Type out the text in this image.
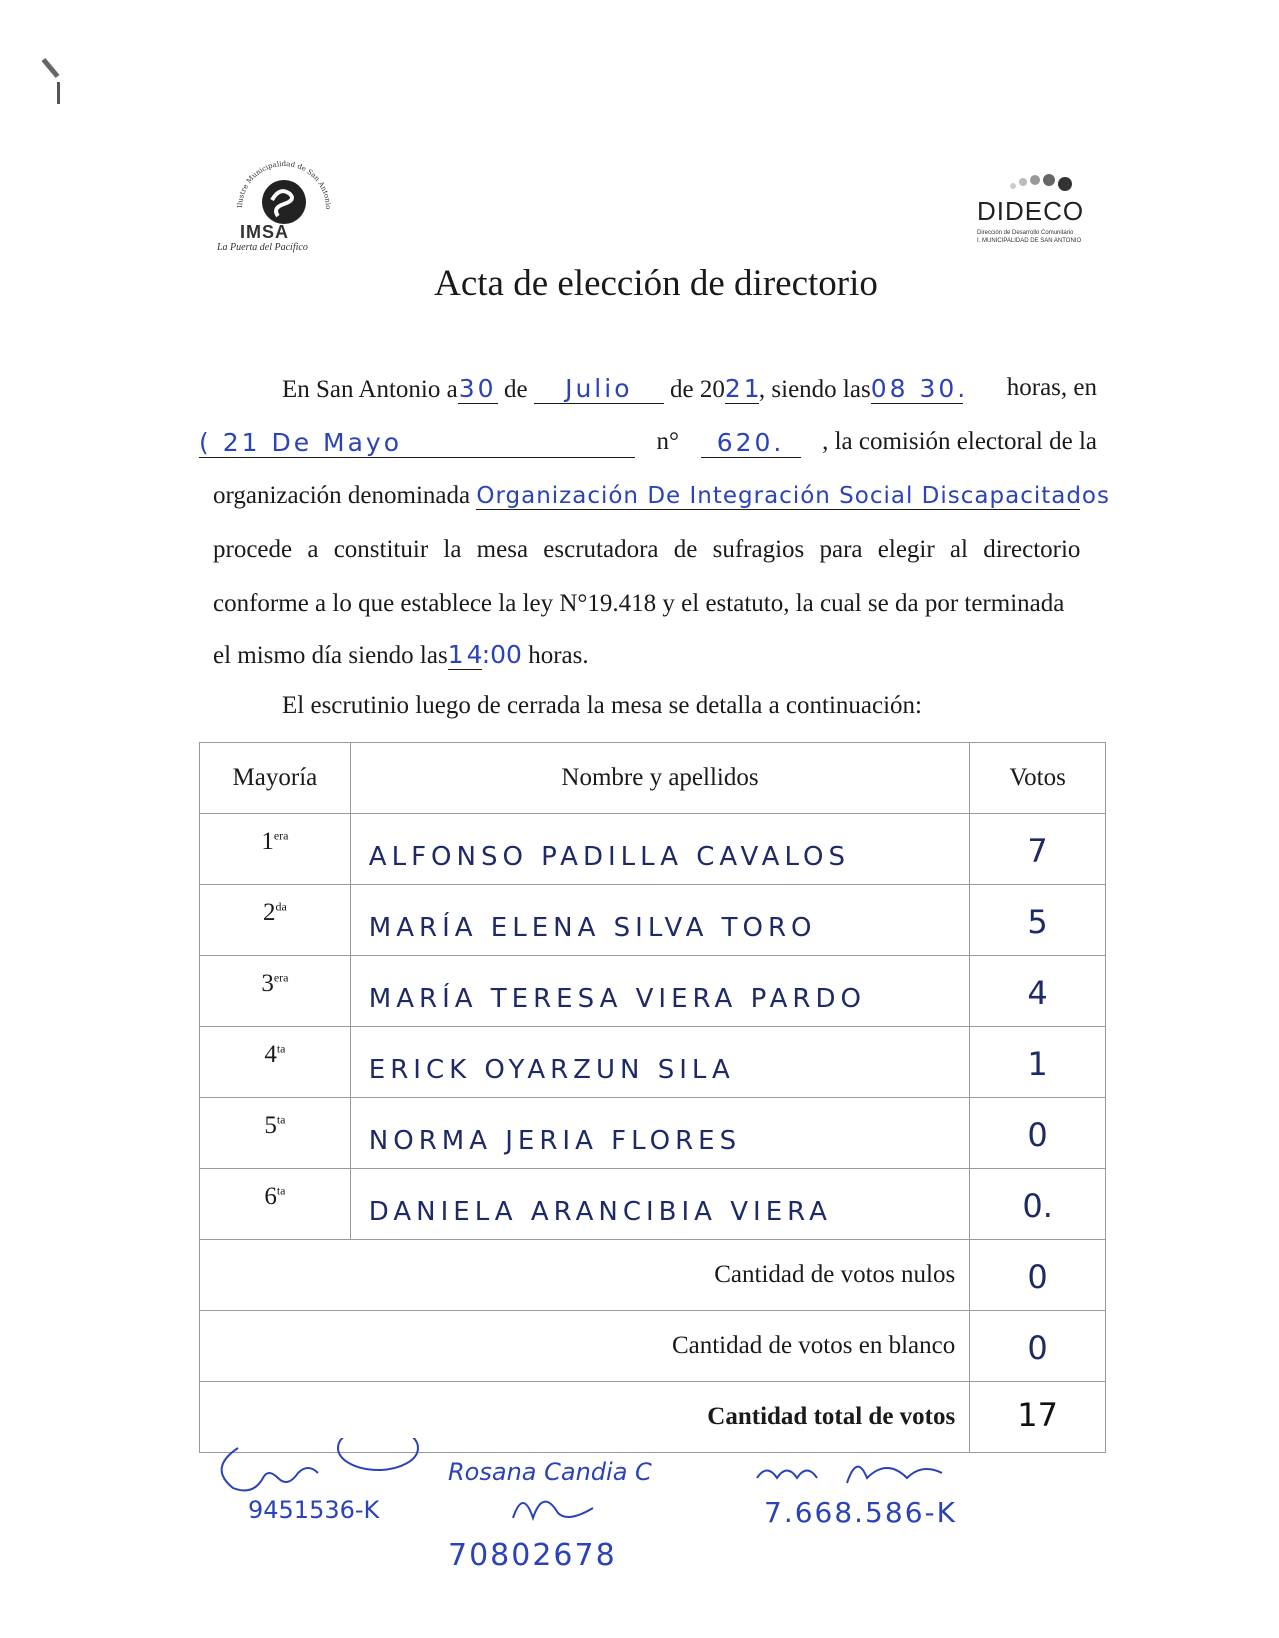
Ilustre Municipalidad de San Antonio
IMSA
La Puerta del Pacífico
DIDECO
Dirección de Desarrollo Comunitario
I. MUNICIPALIDAD DE SAN ANTONIO
Acta de elección de directorio
En San Antonio a30 de Julio de 2021, siendo las08 30. horas, en
( 21 De Mayo	n°	620.	, la comisión electoral de la
organización denominada Organización De Integración Social Discapacitados
procede a constituir la mesa escrutadora de sufragios para elegir al directorio
conforme a lo que establece la ley N°19.418 y el estatuto, la cual se da por terminada
el mismo día siendo las14:00 horas.
El escrutinio luego de cerrada la mesa se detalla a continuación:
Mayoría	Nombre y apellidos	Votos

$1^{era}$	ALFONSO PADILLA CAVALOS	7

$2^{da}$	MARÍA ELENA SILVA TORO	5

$3^{era}$	MARÍA TERESA VIERA PARDO	4

$4^{ta}$	ERICK OYARZUN SILA	1

$5^{ta}$	NORMA JERIA FLORES	0

$6^{ta}$	DANIELA ARANCIBIA VIERA	0.

Cantidad de votos nulos		0

Cantidad de votos en blanco		0

Cantidad total de votos		17
9451536-K
Rosana Candia C
70802678
7.668.586-K
